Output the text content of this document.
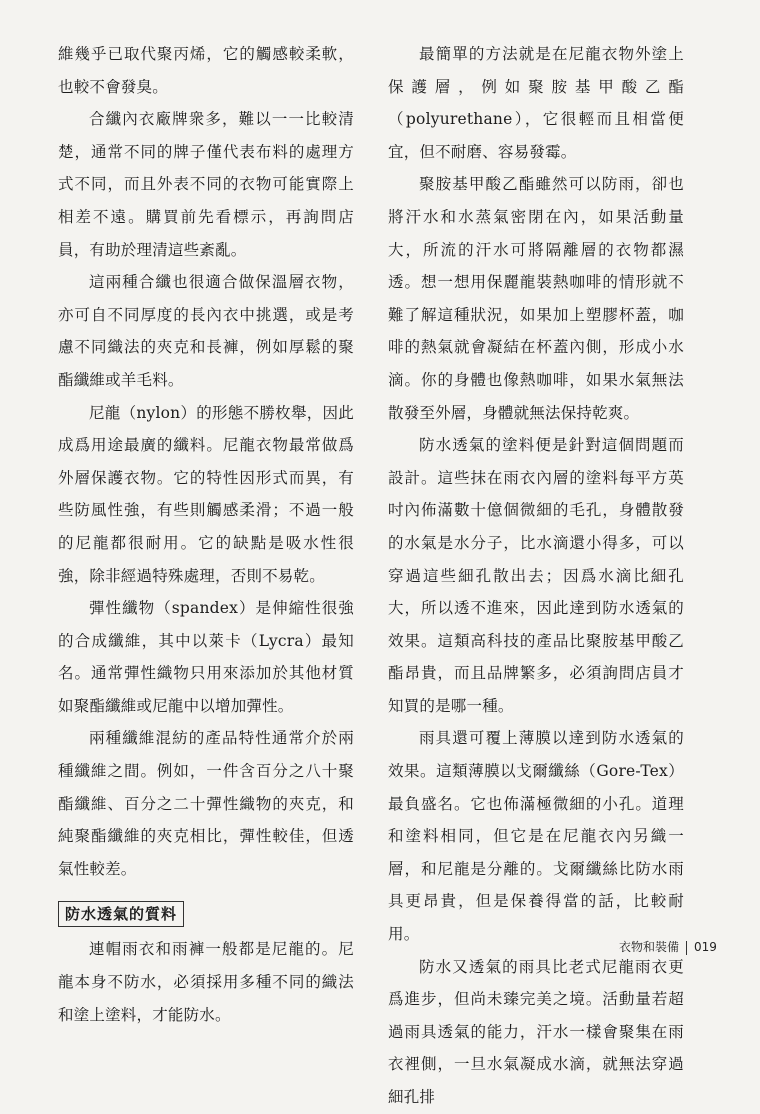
維幾乎已取代聚丙烯，它的觸感較柔軟，也較不會發臭。

合纖內衣廠牌衆多，難以一一比較清楚，通常不同的牌子僅代表布料的處理方式不同，而且外表不同的衣物可能實際上相差不遠。購買前先看標示，再詢問店員，有助於理清這些紊亂。

這兩種合纖也很適合做保溫層衣物，亦可自不同厚度的長內衣中挑選，或是考慮不同織法的夾克和長褲，例如厚鬆的聚酯纖維或羊毛料。

尼龍（nylon）的形態不勝枚舉，因此成爲用途最廣的纖料。尼龍衣物最常做爲外層保護衣物。它的特性因形式而異，有些防風性強，有些則觸感柔滑；不過一般的尼龍都很耐用。它的缺點是吸水性很強，除非經過特殊處理，否則不易乾。

彈性纖物（spandex）是伸縮性很強的合成纖維，其中以萊卡（Lycra）最知名。通常彈性織物只用來添加於其他材質如聚酯纖維或尼龍中以增加彈性。

兩種纖維混紡的產品特性通常介於兩種纖維之間。例如，一件含百分之八十聚酯纖維、百分之二十彈性織物的夾克，和純聚酯纖維的夾克相比，彈性較佳，但透氣性較差。

防水透氣的質料

連帽雨衣和雨褲一般都是尼龍的。尼龍本身不防水，必須採用多種不同的織法和塗上塗料，才能防水。

最簡單的方法就是在尼龍衣物外塗上保護層，例如聚胺基甲酸乙酯（polyurethane），它很輕而且相當便宜，但不耐磨、容易發霉。

聚胺基甲酸乙酯雖然可以防雨，卻也將汗水和水蒸氣密閉在內，如果活動量大，所流的汗水可將隔離層的衣物都濕透。想一想用保麗龍裝熱咖啡的情形就不難了解這種狀況，如果加上塑膠杯蓋，咖啡的熱氣就會凝結在杯蓋內側，形成小水滴。你的身體也像熱咖啡，如果水氣無法散發至外層，身體就無法保持乾爽。

防水透氣的塗料便是針對這個問題而設計。這些抹在雨衣內層的塗料每平方英吋內佈滿數十億個微細的毛孔，身體散發的水氣是水分子，比水滴還小得多，可以穿過這些細孔散出去；因爲水滴比細孔大，所以透不進來，因此達到防水透氣的效果。這類高科技的產品比聚胺基甲酸乙酯昂貴，而且品牌繁多，必須詢問店員才知買的是哪一種。

雨具還可覆上薄膜以達到防水透氣的效果。這類薄膜以戈爾纖絲（Gore-Tex）最負盛名。它也佈滿極微細的小孔。道理和塗料相同，但它是在尼龍衣內另織一層，和尼龍是分離的。戈爾纖絲比防水雨具更昂貴，但是保養得當的話，比較耐用。

防水又透氣的雨具比老式尼龍雨衣更爲進步，但尚未臻完美之境。活動量若超過雨具透氣的能力，汗水一樣會聚集在雨衣裡側，一旦水氣凝成水滴，就無法穿過細孔排

衣物和裝備 019
